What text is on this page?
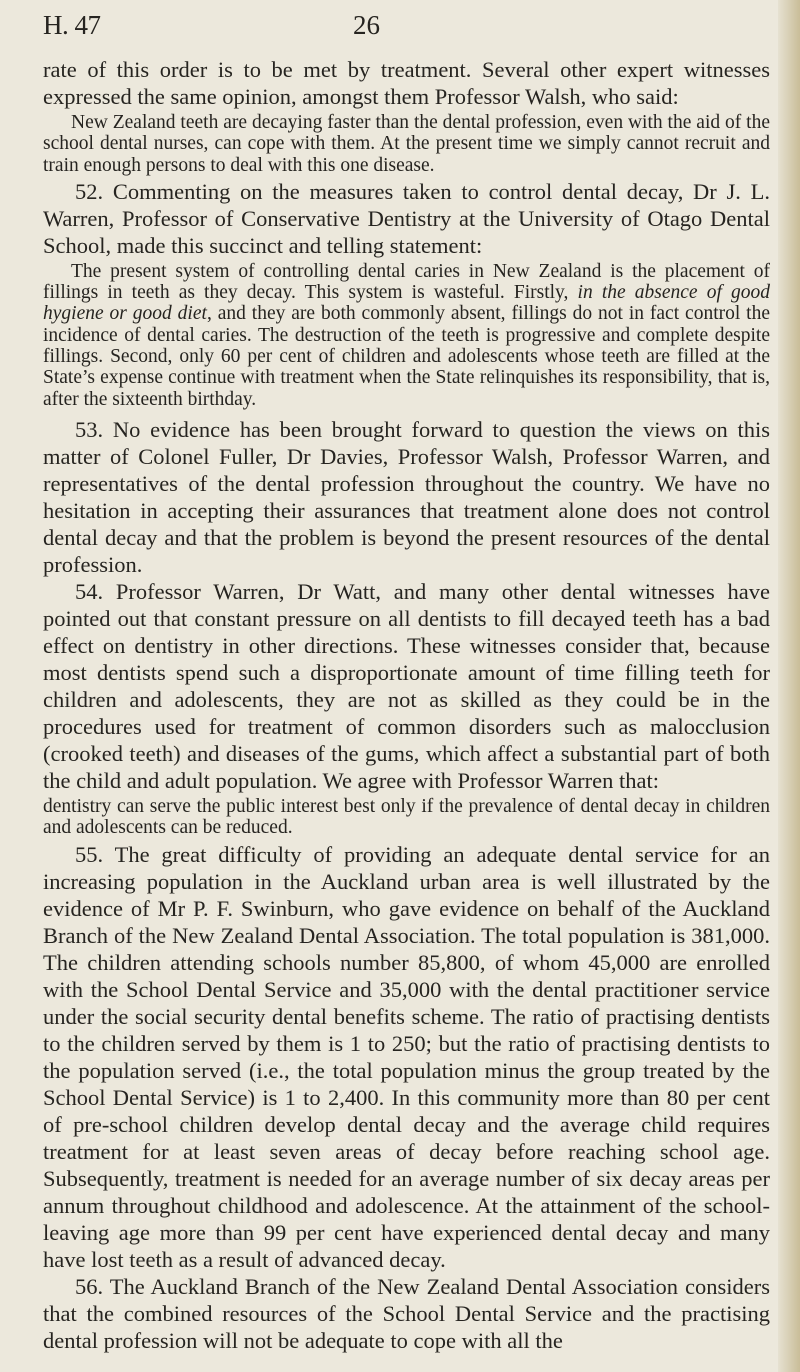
H. 47	26

rate of this order is to be met by treatment. Several other expert witnesses expressed the same opinion, amongst them Professor Walsh, who said:

New Zealand teeth are decaying faster than the dental profession, even with the aid of the school dental nurses, can cope with them. At the present time we simply cannot recruit and train enough persons to deal with this one disease.

52. Commenting on the measures taken to control dental decay, Dr J. L. Warren, Professor of Conservative Dentistry at the University of Otago Dental School, made this succinct and telling statement:

The present system of controlling dental caries in New Zealand is the placement of fillings in teeth as they decay. This system is wasteful. Firstly, in the absence of good hygiene or good diet, and they are both commonly absent, fillings do not in fact control the incidence of dental caries. The destruction of the teeth is progressive and complete despite fillings. Second, only 60 per cent of children and adolescents whose teeth are filled at the State’s expense continue with treatment when the State relinquishes its responsibility, that is, after the sixteenth birthday.

53. No evidence has been brought forward to question the views on this matter of Colonel Fuller, Dr Davies, Professor Walsh, Professor Warren, and representatives of the dental profession throughout the country. We have no hesitation in accepting their assurances that treatment alone does not control dental decay and that the problem is beyond the present resources of the dental profession.

54. Professor Warren, Dr Watt, and many other dental witnesses have pointed out that constant pressure on all dentists to fill decayed teeth has a bad effect on dentistry in other directions. These witnesses consider that, because most dentists spend such a disproportionate amount of time filling teeth for children and adolescents, they are not as skilled as they could be in the procedures used for treatment of common disorders such as malocclusion (crooked teeth) and diseases of the gums, which affect a substantial part of both the child and adult population. We agree with Professor Warren that:

dentistry can serve the public interest best only if the prevalence of dental decay in children and adolescents can be reduced.

55. The great difficulty of providing an adequate dental service for an increasing population in the Auckland urban area is well illustrated by the evidence of Mr P. F. Swinburn, who gave evidence on behalf of the Auckland Branch of the New Zealand Dental Association. The total population is 381,000. The children attending schools number 85,800, of whom 45,000 are enrolled with the School Dental Service and 35,000 with the dental practitioner service under the social security dental benefits scheme. The ratio of practising dentists to the children served by them is 1 to 250; but the ratio of practising dentists to the population served (i.e., the total population minus the group treated by the School Dental Service) is 1 to 2,400. In this community more than 80 per cent of pre-school children develop dental decay and the average child requires treatment for at least seven areas of decay before reaching school age. Subsequently, treatment is needed for an average number of six decay areas per annum throughout childhood and adolescence. At the attainment of the school-leaving age more than 99 per cent have experienced dental decay and many have lost teeth as a result of advanced decay.

56. The Auckland Branch of the New Zealand Dental Association considers that the combined resources of the School Dental Service and the practising dental profession will not be adequate to cope with all the
